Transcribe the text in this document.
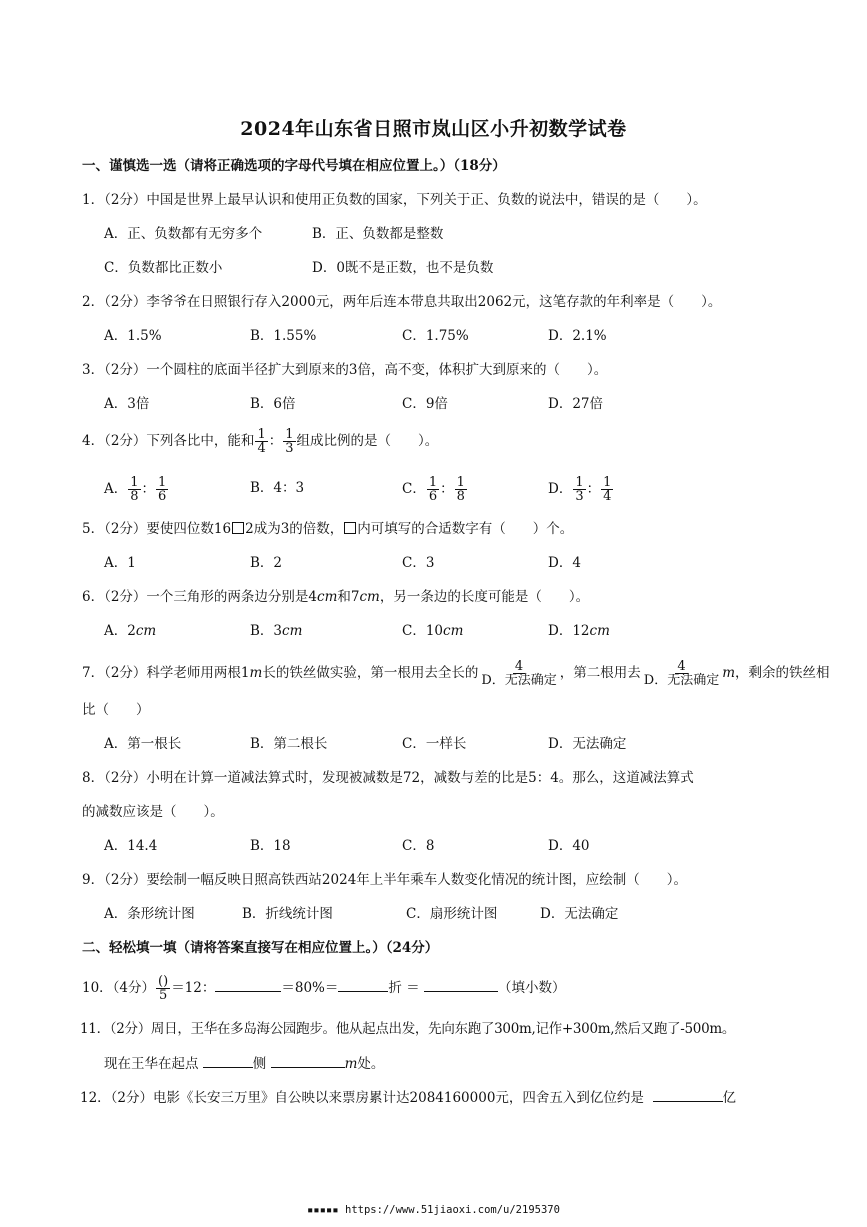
2024年山东省日照市岚山区小升初数学试卷
一、谨慎选一选（请将正确选项的字母代号填在相应位置上。）（18分）
1．（2分）中国是世界上最早认识和使用正负数的国家，下列关于正、负数的说法中，错误的是（　　）。
A．正、负数都有无穷多个	B．正、负数都是整数
C．负数都比正数小	D．0既不是正数，也不是负数
2．（2分）李爷爷在日照银行存入2000元，两年后连本带息共取出2062元，这笔存款的年利率是（　　）。
A．1.5%	B．1.55%	C．1.75%	D．2.1%
3．（2分）一个圆柱的底面半径扩大到原来的3倍，高不变，体积扩大到原来的（　　）。
A．3倍	B．6倍	C．9倍	D．27倍
4．（2分）下列各比中，能和 $\frac{1}{4}$ ： $\frac{1}{3}$ 组成比例的是（　　）。
A． $\frac{1}{8}$ ： $\frac{1}{6}$	B．4：3	C． $\frac{1}{6}$ ： $\frac{1}{8}$	D． $\frac{1}{3}$ ： $\frac{1}{4}$
5．（2分）要使四位数16 2成为3的倍数， 内可填写的合适数字有（　　）个。
A．1	B．2	C．3	D．4
6．（2分）一个三角形的两条边分别是4cm和7cm，另一条边的长度可能是（　　）。
A．2cm	B．3cm	C．10cm	D．12cm
7．（2分）科学老师用两根1m长的铁丝做实验，第一根用去全长的 $\frac{4}{\text{D．无法确定}}$ ，第二根用去 $\frac{4}{\text{D．无法确定}}$ m，剩余的铁丝相
比（　　）
A．第一根长	B．第二根长	C．一样长	D．无法确定
8．（2分）小明在计算一道减法算式时，发现被减数是72，减数与差的比是5：4。那么，这道减法算式
的减数应该是（　　）。
A．14.4	B．18	C．8	D．40
9．（2分）要绘制一幅反映日照高铁西站2024年上半年乘车人数变化情况的统计图，应绘制（　　）。
A．条形统计图	B．折线统计图	C．扇形统计图	D．无法确定
二、轻松填一填（请将答案直接写在相应位置上。）（24分）
10．（4分） $\frac{()}{5} =12$：	＝80%＝	折 ＝	（填小数）
11．（2分）周日，王华在多岛海公园跑步。他从起点出发，先向东跑了300m,记作+300m,然后又跑了-500m。
现在王华在起点	侧	m处。
12．（2分）电影《长安三万里》自公映以来票房累计达2084160000元，四舍五入到亿位约是	亿
▪▪▪▪▪ https://www.51jiaoxi.com/u/2195370
